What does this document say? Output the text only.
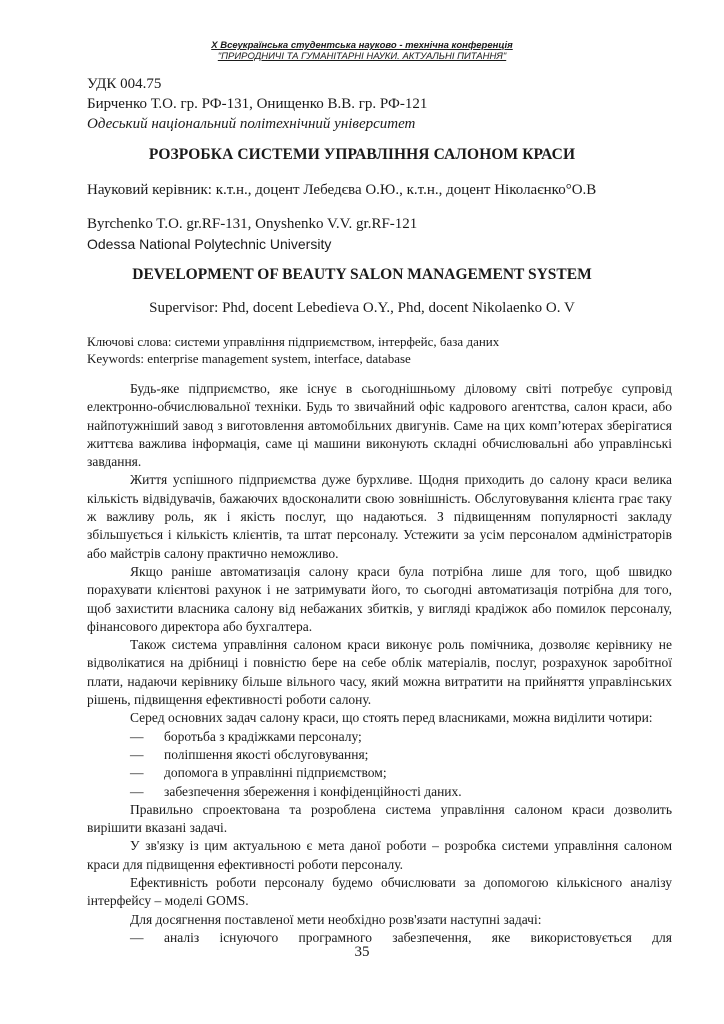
X Всеукраїнська студентська науково - технічна конференція
"ПРИРОДНИЧІ ТА ГУМАНІТАРНІ НАУКИ. АКТУАЛЬНІ ПИТАННЯ"
УДК 004.75
Бирченко Т.О. гр. РФ-131, Онищенко В.В. гр. РФ-121
Одеський національний політехнічний університет
РОЗРОБКА СИСТЕМИ УПРАВЛІННЯ САЛОНОМ КРАСИ
Науковий керівник: к.т.н., доцент Лебедєва О.Ю., к.т.н., доцент Ніколаєнко°О.В
Byrchenko T.O. gr.RF-131, Onyshenko V.V. gr.RF-121
Odessa National Polytechnic University
DEVELOPMENT OF BEAUTY SALON MANAGEMENT SYSTEM
Supervisor: Phd, docent Lebedieva O.Y., Phd, docent Nikolaenko O. V
Ключові слова: системи управління підприємством, інтерфейс, база даних
Keywords: enterprise management system, interface, database

Будь-яке підприємство, яке існує в сьогоднішньому діловому світі потребує супровід електронно-обчислювальної техніки. Будь то звичайний офіс кадрового агентства, салон краси, або найпотужніший завод з виготовлення автомобільних двигунів. Саме на цих комп’ютерах зберігатися життєва важлива інформація, саме ці машини виконують складні обчислювальні або управлінські завдання.

Життя успішного підприємства дуже бурхливе. Щодня приходить до салону краси велика кількість відвідувачів, бажаючих вдосконалити свою зовнішність. Обслуговування клієнта грає таку ж важливу роль, як і якість послуг, що надаються. З підвищенням популярності закладу збільшується і кількість клієнтів, та штат персоналу. Устежити за усім персоналом адміністраторів або майстрів салону практично неможливо.

Якщо раніше автоматизація салону краси була потрібна лише для того, щоб швидко порахувати клієнтові рахунок і не затримувати його, то сьогодні автоматизація потрібна для того, щоб захистити власника салону від небажаних збитків, у вигляді крадіжок або помилок персоналу, фінансового директора або бухгалтера.

Також система управління салоном краси виконує роль помічника, дозволяє керівнику не відволікатися на дрібниці і повністю бере на себе облік матеріалів, послуг, розрахунок заробітної плати, надаючи керівнику більше вільного часу, який можна витратити на прийняття управлінських рішень, підвищення ефективності роботи салону.

Серед основних задач салону краси, що стоять перед власниками, можна виділити чотири:

—	боротьба з крадіжками персоналу;
—	поліпшення якості обслуговування;
—	допомога в управлінні підприємством;
—	забезпечення збереження і конфіденційності даних.

Правильно спроектована та розроблена система управління салоном краси дозволить вирішити вказані задачі.

У зв'язку із цим актуальною є мета даної роботи – розробка системи управління салоном краси для підвищення ефективності роботи персоналу.

Ефективність роботи персоналу будемо обчислювати за допомогою кількісного аналізу інтерфейсу – моделі GOMS.

Для досягнення поставленої мети необхідно розв'язати наступні задачі:

—	аналіз існуючого програмного забезпечення, яке використовується для
35
